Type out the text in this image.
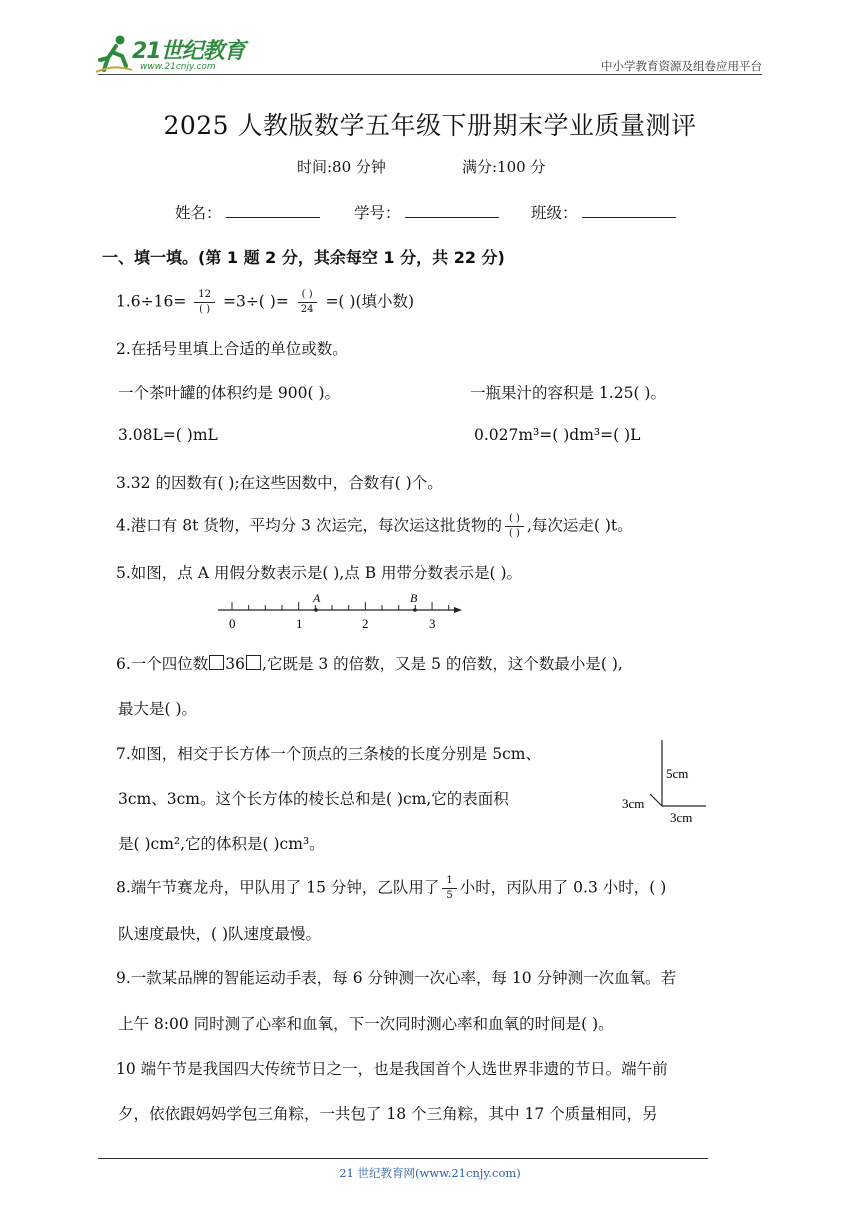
21世纪教育
www.21cnjy.com	中小学教育资源及组卷应用平台
2025 人教版数学五年级下册期末学业质量测评
时间:80 分钟	满分:100 分
姓名：	学号：	班级：
一、填一填。(第 1 题 2 分，其余每空 1 分，共 22 分)
$1.6\div 16= \frac{12}{( )} =3\div$( )= $\frac{( )}{24}$ =( )(填小数)
2.在括号里填上合适的单位或数。
一个茶叶罐的体积约是 900( )。	一瓶果汁的容积是 1.25( )。
3.08L=( )mL	0.027m³=( )dm³=( )L
3.32 的因数有( );在这些因数中，合数有( )个。
4.港口有 8t 货物，平均分 3 次运完，每次运这批货物的 $\frac{( )}{( )}$ ,每次运走( )t。
5.如图，点 A 用假分数表示是( ),点 B 用带分数表示是( )。
A	B
0	1	2	3
6.一个四位数 36 ,它既是 3 的倍数，又是 5 的倍数，这个数最小是( ),
最大是( )。
7.如图，相交于长方体一个顶点的三条棱的长度分别是 5cm、
3cm、3cm。这个长方体的棱长总和是( )cm,它的表面积
是( )cm²,它的体积是( )cm³。
5cm
3cm
3cm
8.端午节赛龙舟，甲队用了 15 分钟，乙队用了 $\frac{1}{5}$ 小时，丙队用了 0.3 小时，( )
队速度最快，( )队速度最慢。
9.一款某品牌的智能运动手表，每 6 分钟测一次心率，每 10 分钟测一次血氧。若
上午 8:00 同时测了心率和血氧，下一次同时测心率和血氧的时间是( )。
10 端午节是我国四大传统节日之一，也是我国首个人选世界非遗的节日。端午前
夕，依依跟妈妈学包三角粽，一共包了 18 个三角粽，其中 17 个质量相同，另
21 世纪教育网(www.21cnjy.com)
